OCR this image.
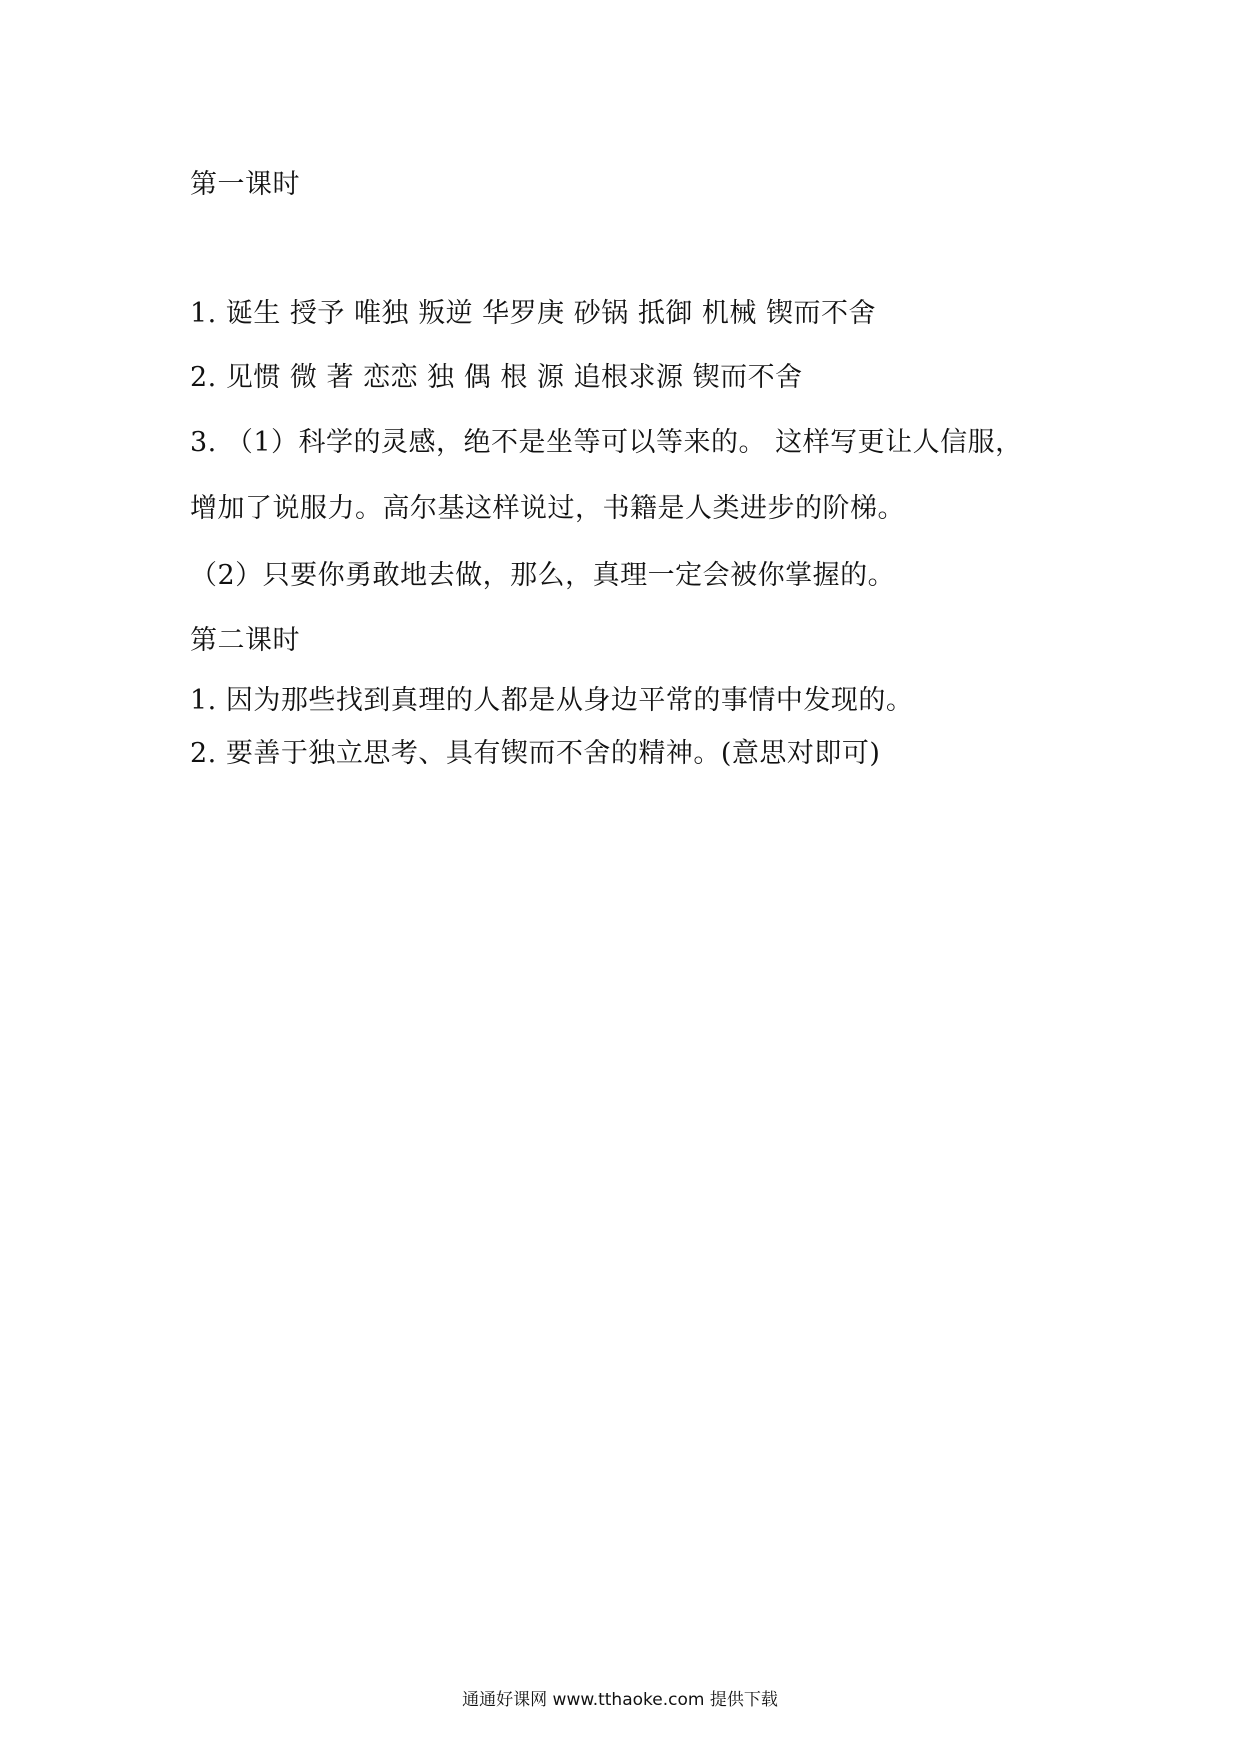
第一课时
1. 诞生 授予 唯独 叛逆 华罗庚 砂锅 抵御 机械 锲而不舍
2. 见惯 微 著 恋恋 独 偶 根 源 追根求源 锲而不舍
3. （1）科学的灵感，绝不是坐等可以等来的。 这样写更让人信服，
增加了说服力。高尔基这样说过，书籍是人类进步的阶梯。
（2）只要你勇敢地去做，那么，真理一定会被你掌握的。
第二课时
1. 因为那些找到真理的人都是从身边平常的事情中发现的。
2. 要善于独立思考、具有锲而不舍的精神。(意思对即可)
通通好课网 www.tthaoke.com 提供下载
